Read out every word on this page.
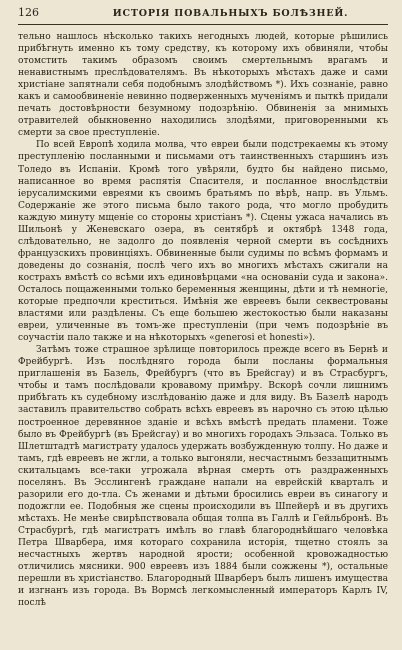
126	ИСТОРІЯ ПОВАЛЬНЫХЪ БОЛѢЗНЕЙ.

тельно нашлось нѣсколько такихъ негодныхъ людей, которые рѣшились прибѣгнуть именно къ тому средству, къ которому ихъ обвиняли, чтобы отомстить такимъ образомъ своимъ смертельнымъ врагамъ и ненавистнымъ преслѣдователямъ. Въ нѣкоторыхъ мѣстахъ даже и сами христіане запятнали себя подобнымъ злодѣйствомъ *). Ихъ сознаніе, равно какъ и самообвиненіе невинно подверженныхъ мученіямъ и пыткѣ придали печать достовѣрности безумному подозрѣнію. Обвиненія за мнимыхъ отравителей обыкновенно находились злодѣями, приговоренными къ смерти за свое преступленіе.

По всей Европѣ ходила молва, что евреи были подстрекаемы къ этому преступленію посланными и письмами отъ таинственныхъ старшинъ изъ Толедо въ Испаніи. Кромѣ того увѣряли, будто бы найдено письмо, написанное во время распятія Спасителя, и посланное внослѣдствіи іерусалимскими евреями къ своимъ братьямъ по вѣрѣ, напр. въ Ульмъ. Содержаніе же этого письма было такого рода, что могло пробудить каждую минуту мщеніе со стороны христіанъ *). Сцены ужаса начались въ Шильонѣ у Женевскаго озера, въ сентябрѣ и октябрѣ 1348 года, слѣдовательно, не задолго до появленія черной смерти въ сосѣднихъ французскихъ провинціяхъ. Обвиненные были судимы по всѣмъ формамъ и доведены до сознанія, послѣ чего ихъ во многихъ мѣстахъ сжигали на кострахъ вмѣстѣ со всѣми ихъ единовѣрцами «на основаніи суда и закона». Осталось пощаженными только беременныя женщины, дѣти и тѣ немногіе, которые предпочли креститься. Имѣнія же евреевъ были секвестрованы властями или раздѣлены. Съ еще большею жестокостью были наказаны евреи, уличенные въ томъ-же преступленіи (при чемъ подозрѣніе въ соучастіи пало также и на нѣкоторыхъ «generosi et honesti»).

Затѣмъ тоже страшное зрѣлище повторилось прежде всего въ Бернѣ и Фрейбургѣ. Изъ послѣдняго города были посланы формальныя приглашенія въ Базель, Фрейбургъ (что въ Брейсгау) и въ Страсбургъ, чтобы и тамъ послѣдовали кровавому примѣру. Вскорѣ сочли лишнимъ прибѣгать къ судебному изслѣдованію даже и для виду. Въ Базелѣ народъ заставилъ правительство собрать всѣхъ евреевъ въ нарочно съ этою цѣлью построенное деревянное зданіе и всѣхъ вмѣстѣ предать пламени. Тоже было въ Фрейбургѣ (въ Брейсгау) и во многихъ городахъ Эльзаса. Только въ Шлетштадтѣ магистрату удалось удержать возбужденную толпу. Но даже и тамъ, гдѣ евреевъ не жгли, а только выгоняли, несчастнымъ беззащитнымъ скитальцамъ все-таки угрожала вѣрная смерть отъ раздраженныхъ поселянъ. Въ Эсслингенѣ граждане напали на еврейскій кварталъ и разорили его до-тла. Съ женами и дѣтьми бросились евреи въ синагогу и подожгли ее. Подобныя же сцены происходили въ Шпейерѣ и въ другихъ мѣстахъ. Не менѣе свирѣпствовала общая толпа въ Галлѣ и Гейльбронѣ. Въ Страсбургѣ, гдѣ магистратъ имѣлъ во главѣ благороднѣйшаго человѣка Петра Шварбера, имя котораго сохранила исторія, тщетно стоялъ за несчастныхъ жертвъ народной ярости; особенной кровожадностью отличились мясники. 900 евреевъ изъ 1884 были сожжены *), остальные перешли въ христіанство. Благородный Шварберъ былъ лишенъ имущества и изгнанъ изъ города. Въ Вормсѣ легкомысленный императоръ Карлъ IV, послѣ
